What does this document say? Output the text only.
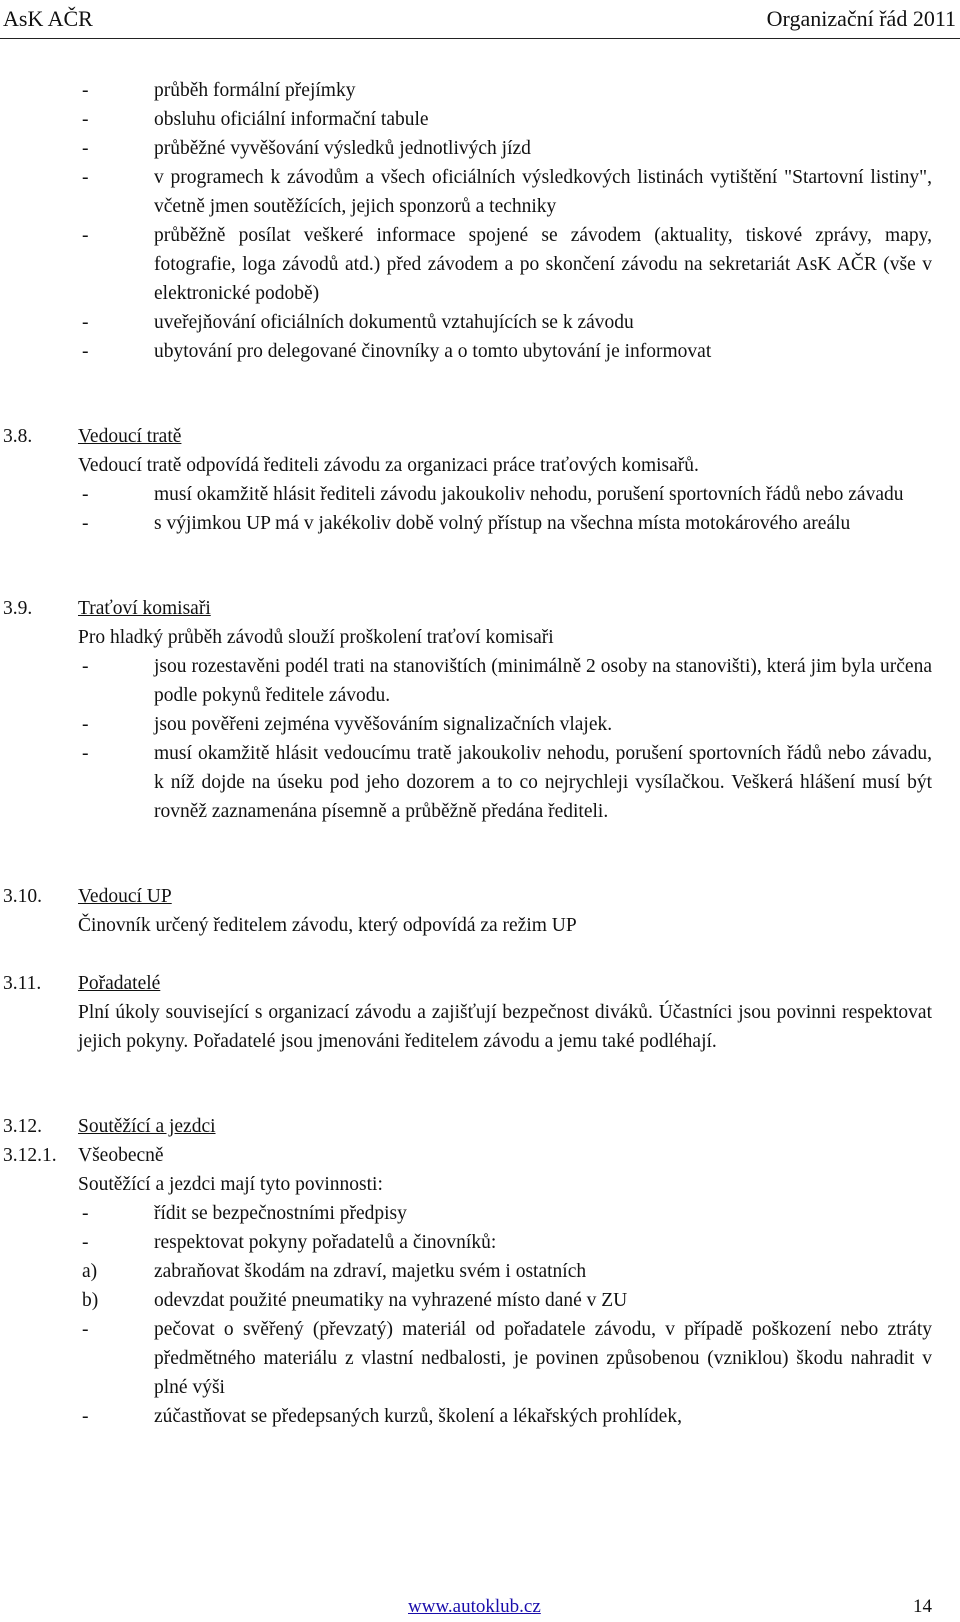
AsK AČR	Organizační řád 2011
-	průběh formální přejímky
-	obsluhu oficiální informační tabule
-	průběžné vyvěšování výsledků jednotlivých jízd
-	v programech k závodům a všech oficiálních výsledkových listinách vytištění "Startovní listiny", včetně jmen soutěžících, jejich sponzorů a techniky
-	průběžně posílat veškeré informace spojené se závodem (aktuality, tiskové zprávy, mapy, fotografie, loga závodů atd.) před závodem a po skončení závodu na sekretariát AsK AČR (vše v elektronické podobě)
-	uveřejňování oficiálních dokumentů vztahujících se k závodu
-	ubytování pro delegované činovníky a o tomto ubytování je informovat
3.8. Vedoucí tratě
Vedoucí tratě odpovídá řediteli závodu za organizaci práce traťových komisařů.
-	musí okamžitě hlásit řediteli závodu jakoukoliv nehodu, porušení sportovních řádů nebo závadu
-	s výjimkou UP má v jakékoliv době volný přístup na všechna místa motokárového areálu
3.9. Traťoví komisaři
Pro hladký průběh závodů slouží proškolení traťoví komisaři
-	jsou rozestavěni podél trati na stanovištích (minimálně 2 osoby na stanovišti), která jim byla určena podle pokynů ředitele závodu.
-	jsou pověřeni zejména vyvěšováním signalizačních vlajek.
-	musí okamžitě hlásit vedoucímu tratě jakoukoliv nehodu, porušení sportovních řádů nebo závadu, k níž dojde na úseku pod jeho dozorem a to co nejrychleji vysílačkou. Veškerá hlášení musí být rovněž zaznamenána písemně a průběžně předána řediteli.
3.10. Vedoucí UP
Činovník určený ředitelem závodu, který odpovídá za režim UP
3.11. Pořadatelé
Plní úkoly související s organizací závodu a zajišťují bezpečnost diváků. Účastníci jsou povinni respektovat jejich pokyny. Pořadatelé jsou jmenováni ředitelem závodu a jemu také podléhají.
3.12. Soutěžící a jezdci
3.12.1. Všeobecně
Soutěžící a jezdci mají tyto povinnosti:
-	řídit se bezpečnostními předpisy
-	respektovat pokyny pořadatelů a činovníků:
a)	zabraňovat škodám na zdraví, majetku svém i ostatních
b)	odevzdat použité pneumatiky na vyhrazené místo dané v ZU
-	pečovat o svěřený (převzatý) materiál od pořadatele závodu, v případě poškození nebo ztráty předmětného materiálu z vlastní nedbalosti, je povinen způsobenou (vzniklou) škodu nahradit v plné výši
-	zúčastňovat se předepsaných kurzů, školení a lékařských prohlídek,
www.autoklub.cz	14
